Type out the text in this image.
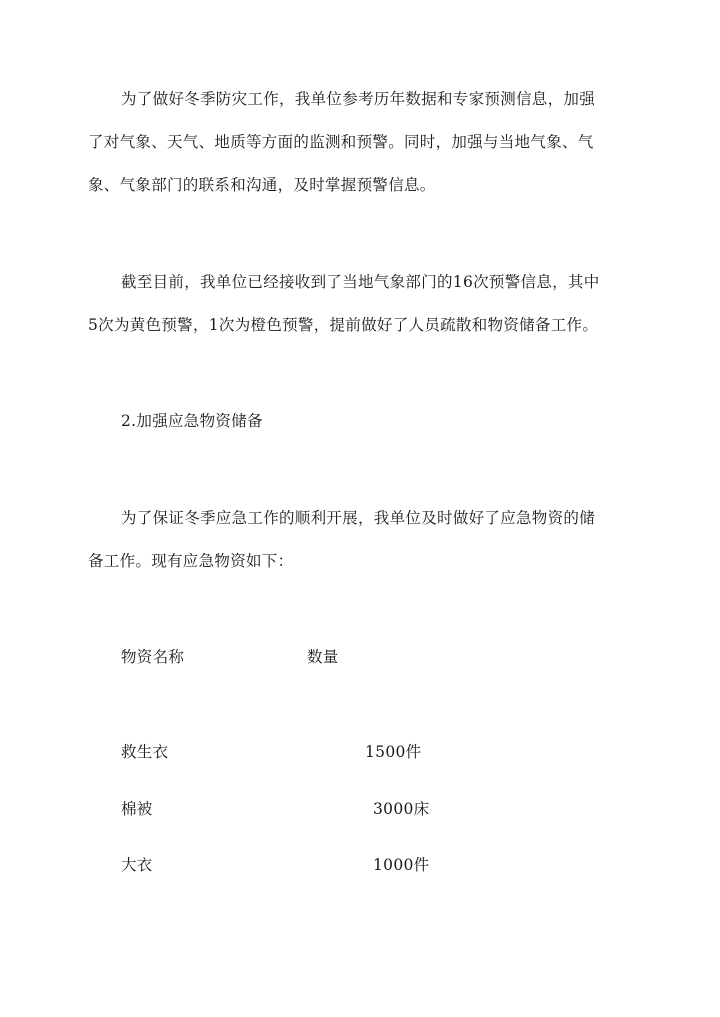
为了做好冬季防灾工作，我单位参考历年数据和专家预测信息，加强
了对气象、天气、地质等方面的监测和预警。同时，加强与当地气象、气
象、气象部门的联系和沟通，及时掌握预警信息。
截至目前，我单位已经接收到了当地气象部门的16次预警信息，其中
5次为黄色预警，1次为橙色预警，提前做好了人员疏散和物资储备工作。
2.加强应急物资储备
为了保证冬季应急工作的顺利开展，我单位及时做好了应急物资的储
备工作。现有应急物资如下：
物资名称	数量
救生衣	1500件
棉被	3000床
大衣	1000件
